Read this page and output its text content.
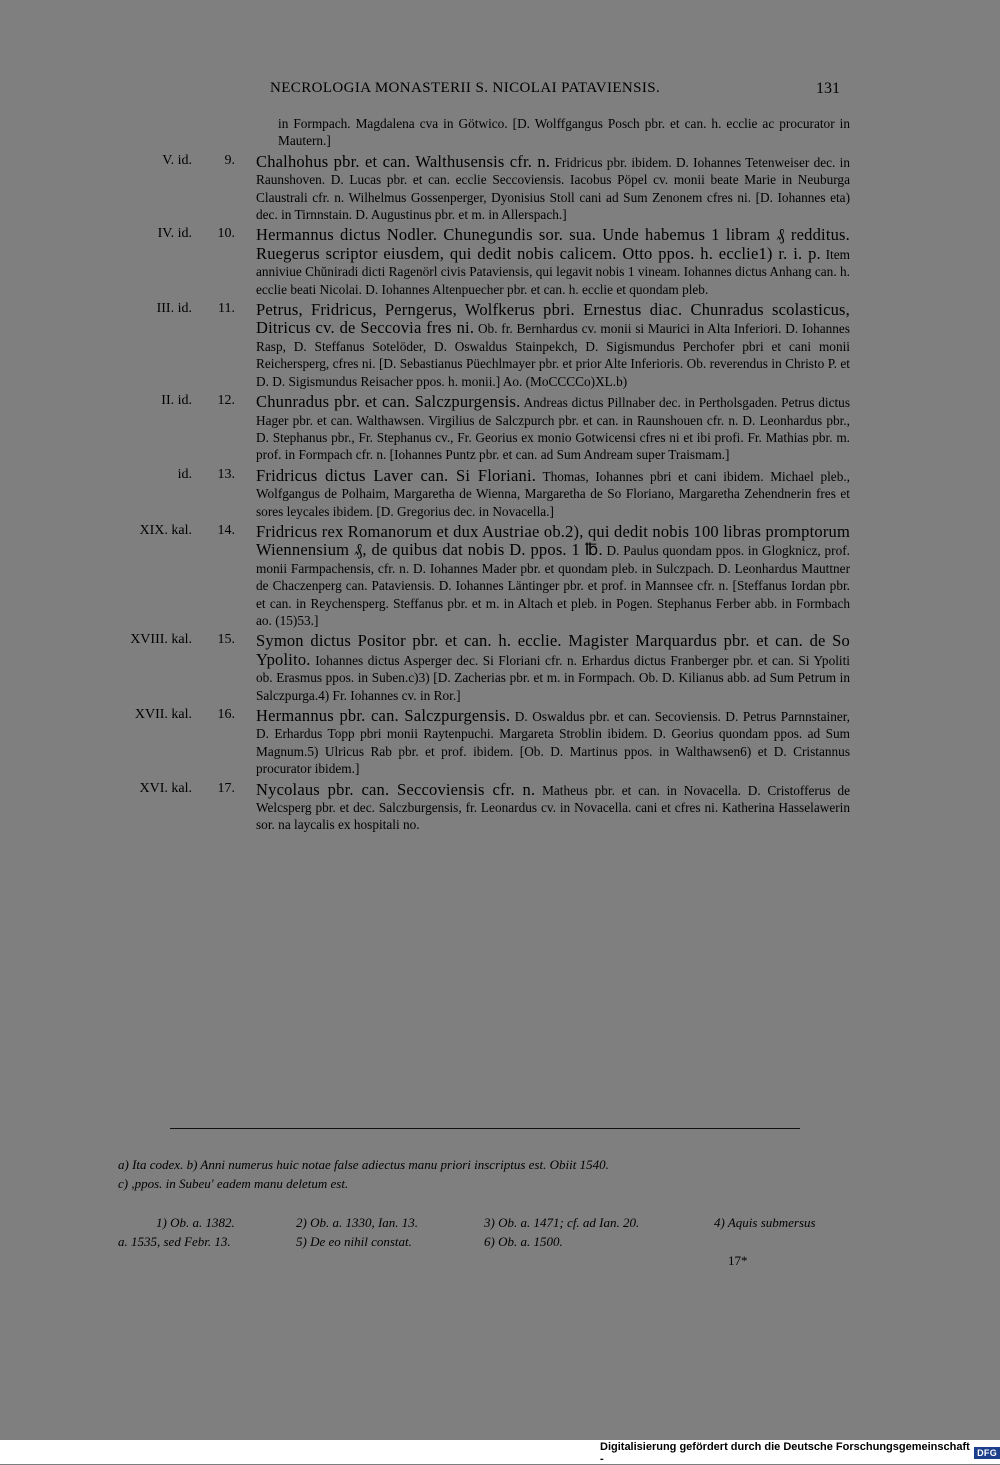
NECROLOGIA MONASTERII S. NICOLAI PATAVIENSIS.	131
in Formpach. Magdalena cva in Götwico. [D. Wolffgangus Posch pbr. et can. h. ecclie ac procurator in Mautern.]
V. id. 9. Chalhohus pbr. et can. Walthusensis cfr. n. Fridricus pbr. ibidem. D. Iohannes Tetenweiser dec. in Raunshoven. D. Lucas pbr. et can. ecclie Seccoviensis. Iacobus Pöpel cv. monii beate Marie in Neuburga Claustrali cfr. n. Wilhelmus Gossenperger, Dyonisius Stoll cani ad Sum Zenonem cfres ni. [D. Iohannes eta) dec. in Tirnnstain. D. Augustinus pbr. et m. in Allerspach.]
IV. id. 10. Hermannus dictus Nodler. Chunegundis sor. sua. Unde habemus 1 libram ₰ redditus. Ruegerus scriptor eiusdem, qui dedit nobis calicem. Otto ppos. h. ecclie1) r. i. p. Item anniviue Chŭniradi dicti Ragenörl civis Pataviensis, qui legavit nobis 1 vineam. Iohannes dictus Anhang can. h. ecclie beati Nicolai. D. Iohannes Altenpuecher pbr. et can. h. ecclie et quondam pleb.
III. id. 11. Petrus, Fridricus, Perngerus, Wolfkerus pbri. Ernestus diac. Chunradus scolasticus, Ditricus cv. de Seccovia fres ni. Ob. fr. Bernhardus cv. monii si Maurici in Alta Inferiori. D. Iohannes Rasp, D. Steffanus Sotelöder, D. Oswaldus Stainpekch, D. Sigismundus Perchofer pbri et cani monii Reichersperg, cfres ni. [D. Sebastianus Püechlmayer pbr. et prior Alte Inferioris. Ob. reverendus in Christo P. et D. D. Sigismundus Reisacher ppos. h. monii.] Ao. (MoCCCCo)XL.b)
II. id. 12. Chunradus pbr. et can. Salczpurgensis. Andreas dictus Pillnaber dec. in Pertholsgaden. Petrus dictus Hager pbr. et can. Walthawsen. Virgilius de Salczpurch pbr. et can. in Raunshouen cfr. n. D. Leonhardus pbr., D. Stephanus pbr., Fr. Stephanus cv., Fr. Georius ex monio Gotwicensi cfres ni et ibi profi. Fr. Mathias pbr. m. prof. in Formpach cfr. n. [Iohannes Puntz pbr. et can. ad Sum Andream super Traismam.]
id. 13. Fridricus dictus Laver can. Si Floriani. Thomas, Iohannes pbri et cani ibidem. Michael pleb., Wolfgangus de Polhaim, Margaretha de Wienna, Margaretha de So Floriano, Margaretha Zehendnerin fres et sores leycales ibidem. [D. Gregorius dec. in Novacella.]
XIX. kal. 14. Fridricus rex Romanorum et dux Austriae ob.2), qui dedit nobis 100 libras promptorum Wiennensium ₰, de quibus dat nobis D. ppos. 1 ℔. D. Paulus quondam ppos. in Glogknicz, prof. monii Farmpachensis, cfr. n. D. Iohannes Mader pbr. et quondam pleb. in Sulczpach. D. Leonhardus Mauttner de Chaczenperg can. Pataviensis. D. Iohannes Läntinger pbr. et prof. in Mannsee cfr. n. [Steffanus Iordan pbr. et can. in Reychensperg. Steffanus pbr. et m. in Altach et pleb. in Pogen. Stephanus Ferber abb. in Formbach ao. (15)53.]
XVIII. kal. 15. Symon dictus Positor pbr. et can. h. ecclie. Magister Marquardus pbr. et can. de So Ypolito. Iohannes dictus Asperger dec. Si Floriani cfr. n. Erhardus dictus Franberger pbr. et can. Si Ypoliti ob. Erasmus ppos. in Suben.c)3) [D. Zacherias pbr. et m. in Formpach. Ob. D. Kilianus abb. ad Sum Petrum in Salczpurga.4) Fr. Iohannes cv. in Ror.]
XVII. kal. 16. Hermannus pbr. can. Salczpurgensis. D. Oswaldus pbr. et can. Secoviensis. D. Petrus Parnnstainer, D. Erhardus Topp pbri monii Raytenpuchi. Margareta Stroblin ibidem. D. Georius quondam ppos. ad Sum Magnum.5) Ulricus Rab pbr. et prof. ibidem. [Ob. D. Martinus ppos. in Walthawsen6) et D. Cristannus procurator ibidem.]
XVI. kal. 17. Nycolaus pbr. can. Seccoviensis cfr. n. Matheus pbr. et can. in Novacella. D. Cristofferus de Welcsperg pbr. et dec. Salczburgensis, fr. Leonardus cv. in Novacella. cani et cfres ni. Katherina Hasselawerin sor. na laycalis ex hospitali no.
a) Ita codex. b) Anni numerus huic notae false adiectus manu priori inscriptus est. Obiit 1540.
c) ,ppos. in Subeu' eadem manu deletum est.
1) Ob. a. 1382.	2) Ob. a. 1330, Ian. 13.	3) Ob. a. 1471; cf. ad Ian. 20.	4) Aquis submersus
a. 1535, sed Febr. 13.	5) De eo nihil constat.	6) Ob. a. 1500.
17*
Digitalisierung gefördert durch die Deutsche Forschungsgemeinschaft -	DFG
